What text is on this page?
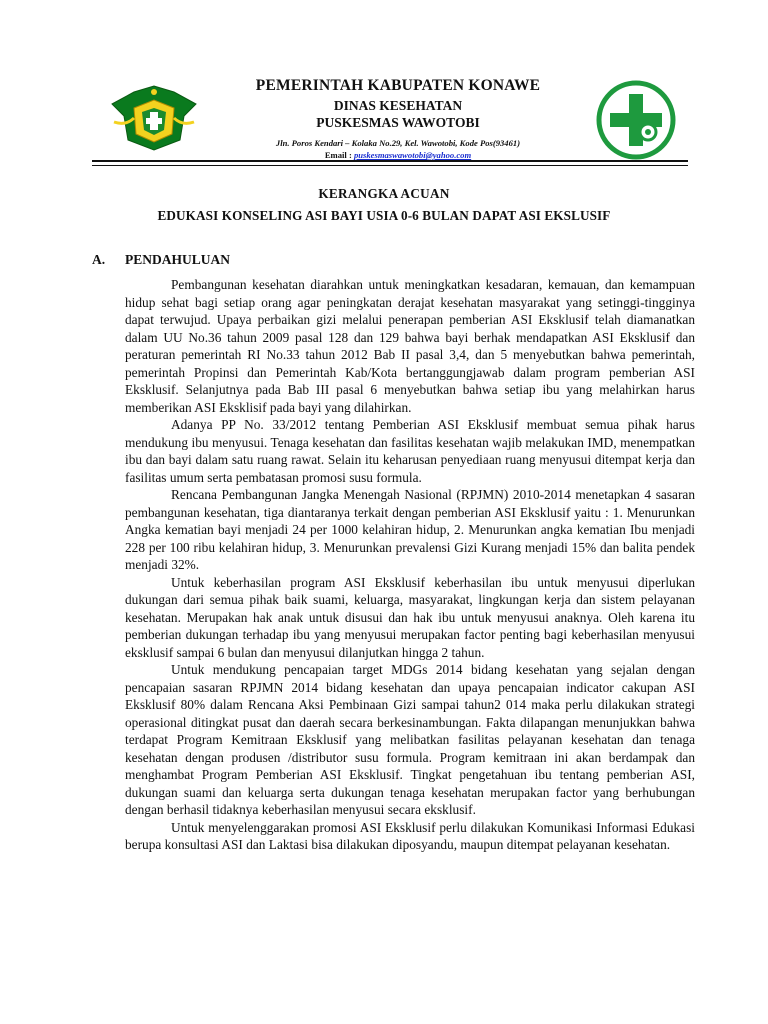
PEMERINTAH KABUPATEN KONAWE
DINAS KESEHATAN
PUSKESMAS WAWOTOBI
Jln. Poros Kendari – Kolaka No.29, Kel. Wawotobi, Kode Pos(93461)
Email : puskesmaswawotobi@yahoo.com
KERANGKA ACUAN
EDUKASI KONSELING ASI BAYI USIA 0-6 BULAN DAPAT ASI EKSLUSIF
A. PENDAHULUAN

Pembangunan kesehatan diarahkan untuk meningkatkan kesadaran, kemauan, dan kemampuan hidup sehat bagi setiap orang agar peningkatan derajat kesehatan masyarakat yang setinggi-tingginya dapat terwujud. Upaya perbaikan gizi melalui penerapan pemberian ASI Eksklusif telah diamanatkan dalam UU No.36 tahun 2009 pasal 128 dan 129 bahwa bayi berhak mendapatkan ASI Eksklusif dan peraturan pemerintah RI No.33 tahun 2012 Bab II pasal 3,4, dan 5 menyebutkan bahwa pemerintah, pemerintah Propinsi dan Pemerintah Kab/Kota bertanggungjawab dalam program pemberian ASI Eksklusif. Selanjutnya pada Bab III pasal 6 menyebutkan bahwa setiap ibu yang melahirkan harus memberikan ASI Eksklisif pada bayi yang dilahirkan.

Adanya PP No. 33/2012 tentang Pemberian ASI Eksklusif membuat semua pihak harus mendukung ibu menyusui. Tenaga kesehatan dan fasilitas kesehatan wajib melakukan IMD, menempatkan ibu dan bayi dalam satu ruang rawat. Selain itu keharusan penyediaan ruang menyusui ditempat kerja dan fasilitas umum serta pembatasan promosi susu formula.

Rencana Pembangunan Jangka Menengah Nasional (RPJMN) 2010-2014 menetapkan 4 sasaran pembangunan kesehatan, tiga diantaranya terkait dengan pemberian ASI Eksklusif yaitu : 1. Menurunkan Angka kematian bayi menjadi 24 per 1000 kelahiran hidup, 2. Menurunkan angka kematian Ibu menjadi 228 per 100 ribu kelahiran hidup, 3. Menurunkan prevalensi Gizi Kurang menjadi 15% dan balita pendek menjadi 32%.

Untuk keberhasilan program ASI Eksklusif keberhasilan ibu untuk menyusui diperlukan dukungan dari semua pihak baik suami, keluarga, masyarakat, lingkungan kerja dan sistem pelayanan kesehatan. Merupakan hak anak untuk disusui dan hak ibu untuk menyusui anaknya. Oleh karena itu pemberian dukungan terhadap ibu yang menyusui merupakan factor penting bagi keberhasilan menyusui eksklusif sampai 6 bulan dan menyusui dilanjutkan hingga 2 tahun.

Untuk mendukung pencapaian target MDGs 2014 bidang kesehatan yang sejalan dengan pencapaian sasaran RPJMN 2014 bidang kesehatan dan upaya pencapaian indicator cakupan ASI Eksklusif 80% dalam Rencana Aksi Pembinaan Gizi sampai tahun2 014 maka perlu dilakukan strategi operasional ditingkat pusat dan daerah secara berkesinambungan. Fakta dilapangan menunjukkan bahwa terdapat Program Kemitraan Eksklusif yang melibatkan fasilitas pelayanan kesehatan dan tenaga kesehatan dengan produsen /distributor susu formula. Program kemitraan ini akan berdampak dan menghambat Program Pemberian ASI Eksklusif. Tingkat pengetahuan ibu tentang pemberian ASI, dukungan suami dan keluarga serta dukungan tenaga kesehatan merupakan factor yang berhubungan dengan berhasil tidaknya keberhasilan menyusui secara eksklusif.

Untuk menyelenggarakan promosi ASI Eksklusif perlu dilakukan Komunikasi Informasi Edukasi berupa konsultasi ASI dan Laktasi bisa dilakukan diposyandu, maupun ditempat pelayanan kesehatan.
